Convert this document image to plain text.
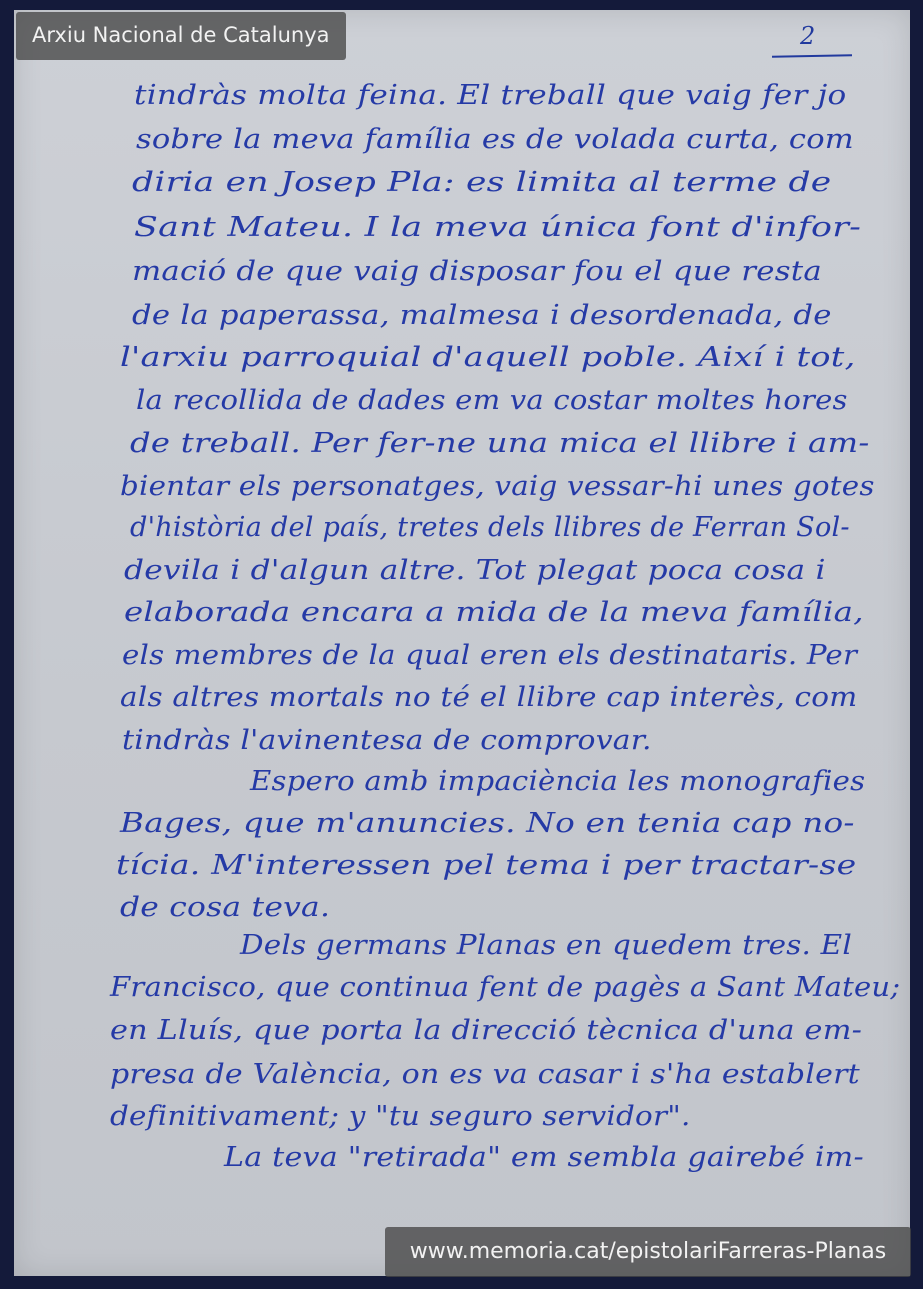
2
tindràs molta feina. El treball que vaig fer jo
sobre la meva família es de volada curta, com
diria en Josep Pla: es limita al terme de
Sant Mateu. I la meva única font d'infor-
mació de que vaig disposar fou el que resta
de la paperassa, malmesa i desordenada, de
l'arxiu parroquial d'aquell poble. Així i tot,
la recollida de dades em va costar moltes hores
de treball. Per fer-ne una mica el llibre i am-
bientar els personatges, vaig vessar-hi unes gotes
d'història del país, tretes dels llibres de Ferran Sol-
devila i d'algun altre. Tot plegat poca cosa i
elaborada encara a mida de la meva família,
els membres de la qual eren els destinataris. Per
als altres mortals no té el llibre cap interès, com
tindràs l'avinentesa de comprovar.
Espero amb impaciència les monografies
Bages, que m'anuncies. No en tenia cap no-
tícia. M'interessen pel tema i per tractar-se
de cosa teva.
Dels germans Planas en quedem tres. El
Francisco, que continua fent de pagès a Sant Mateu;
en Lluís, que porta la direcció tècnica d'una em-
presa de València, on es va casar i s'ha establert
definitivament; y "tu seguro servidor".
La teva "retirada" em sembla gairebé im-
Arxiu Nacional de Catalunya
www.memoria.cat/epistolariFarreras-Planas
